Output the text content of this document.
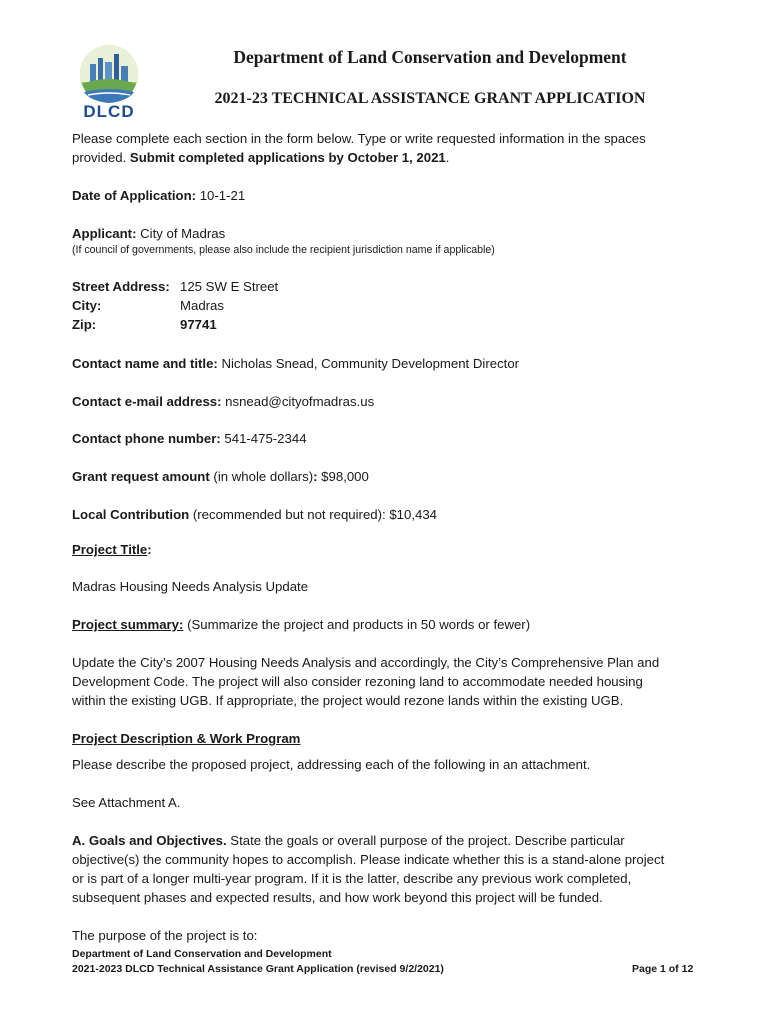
DLCD
Department of Land Conservation and Development
2021-23 TECHNICAL ASSISTANCE GRANT APPLICATION
Please complete each section in the form below. Type or write requested information in the spaces
provided. Submit completed applications by October 1, 2021.
Date of Application: 10-1-21
Applicant: City of Madras
(If council of governments, please also include the recipient jurisdiction name if applicable)
Street Address: 125 SW E Street
City:	Madras
Zip:	97741
Contact name and title: Nicholas Snead, Community Development Director
Contact e-mail address: nsnead@cityofmadras.us
Contact phone number: 541-475-2344
Grant request amount (in whole dollars): $98,000
Local Contribution (recommended but not required): $10,434
Project Title:
Madras Housing Needs Analysis Update
Project summary: (Summarize the project and products in 50 words or fewer)
Update the City’s 2007 Housing Needs Analysis and accordingly, the City’s Comprehensive Plan and
Development Code. The project will also consider rezoning land to accommodate needed housing
within the existing UGB. If appropriate, the project would rezone lands within the existing UGB.
Project Description & Work Program
Please describe the proposed project, addressing each of the following in an attachment.
See Attachment A.
A. Goals and Objectives. State the goals or overall purpose of the project. Describe particular
objective(s) the community hopes to accomplish. Please indicate whether this is a stand-alone project
or is part of a longer multi-year program. If it is the latter, describe any previous work completed,
subsequent phases and expected results, and how work beyond this project will be funded.
The purpose of the project is to:
Department of Land Conservation and Development
2021-2023 DLCD Technical Assistance Grant Application (revised 9/2/2021)	Page 1 of 12
